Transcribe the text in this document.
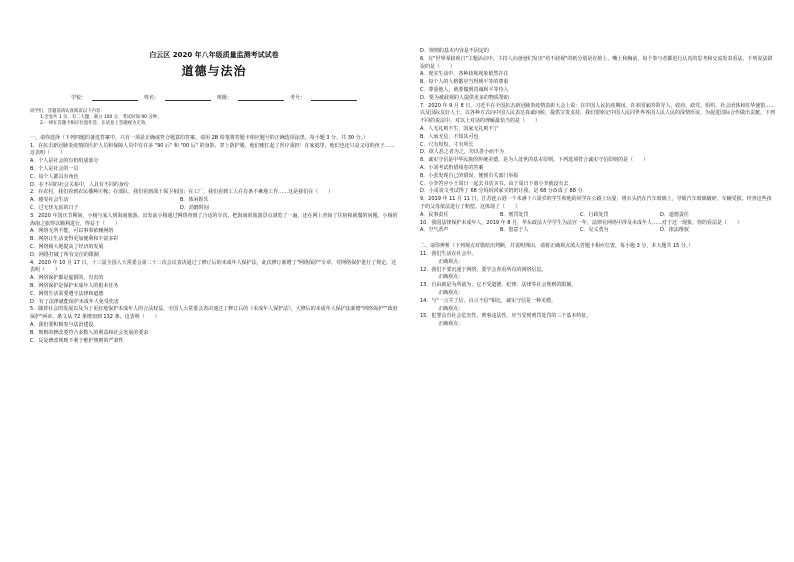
白云区 2020 年八年级质量监测考试试卷
道德与法治
学校：	姓名：	班级：	考号：
同学们，答题前请认真阅读以下内容：
1.全卷共 1 页，有二大题，满分 100 分，考试时间 90 分钟。
2.一律在答题卡相应位置作答，在试卷上答题视为无效。
一、请你选择（下列四题的备选答案中，只有一项是正确或符合题意的答案。请用 2B 铅笔将答题卡相应题号的正确选项涂黑。每小题 3 分，共 30 分。）
1．在抗击新冠肺炎疫情的医护人员和保障人员中有许多 "90 后" 和 "00 后" 的身影，穿上防护服，他们便扛起了医疗重担！在家庭里，他们也还只是父母的孩子……这表明（　　）
A．个人是社会的有机组成部分
B．个人是社会的一员
C．每个人都具有角色
D．在不同的社会关系中，人具有不同的身份
2．在农村，我们看到农民播种庄稼；在部队，我们看到战士保卫祖国；在工厂，我们看到工人在有条不紊地工作……这是我们在（　　）
A．感受社会生活	B．体闲娱乐
C．过无忧无虑的日子	D．消磨时间
3．2020 年国庆节期间，小杨与家人到海南旅游。出发前小杨通过网络查到了合适的车次，把海南的旅游景点浏览了一遍，还在网上查询了住宿和就餐的问题。小杨的海南之旅得以顺利进行，得益于（　　）
A．网络无所不能，可以事事依赖网络
B．网络让生活变得更加便利和丰富多彩
C．网络极大地提高了经济的发展
D．网络打破了所有交往的限制
4．2020 年 10 月 17 日，十三届全国人大常委会第二十二次会议表决通过了修订后的未成年人保护法，此次修订新增了"网络保护"专章，对网络保护进行了规定。这表明（　　）
A．网络保护都是虚假的、有害的
B．网络保护是保护未成年人的根本任务
C．网络生活需要遵守法律和道德
D．有了法律就能保护未成年人免受伤害
5．随着社会的发展以及为了更好地保护未成年人的合法权益，全国人大常委会表决通过了修订后的《未成年人保护法》，大修后的未成年人保护法新增"网络保护""政府保护"两章，条文从 72 条增加到 132 条，这表明（　　）
A．我们要积极参与法治建设
B．规则的修改要符合多数人的利益和社会发展的要求
C．反复修改规则不利于维护规则的严肃性
D．规则的基本内容是不固定的
6．在"世界零歧视日"主题活动中，主持人向爸爸们发出"培不歧视"的纸分别是在脸上、嘴上和胸前，每个参与者都进行认真的思考和交流发表看法，下列说法错误的是（　　）
A．现实生活中，各种歧视现象依然存在
B．每个人的人格都应当得到平等的尊重
C．尊重他人，就要做到真诚和平等待人
D．要为被歧视的人提供更多的物质帮助
7．2020 年 9 月 8 日，习近平在全国抗击新冠肺炎疫情表彰大会上说：在中国人民抗疫期间，许多国家的领导人、政府、政党、组织、社会团体和驻华使馆……以及国际友好人士，以各种方式向中国人民表达真诚问候、提供宝贵支持，我们要铭记中国人民同世界各国人民人民的深情厚谊，为促进国际合作做出贡献。下列不同的说法中，对以上对话的理解最恰当的是（　　）
A．人无礼则不生，国家无礼则不宁
B．人而无信，不知其可也
C．尺有短短，寸有所长
D．欲人恶之者为之，勿以善小而不为
8．诚实守信是中华民族的传统美德，是为人处世的基本原则。下列选项符合诚实守信原则的是（　　）
A．小刘考试扔错阅卷的答案
B．小张发现自己的错误，便到有关部门举报
C．小李答应小王周日一起去书店买书，由于周日下雨小李就没有去
D．小哥说文考试得了 68 分妈妈回家买奶奶让我，是 68 分改成了 88 分
9．2019 年 11 月 11 日，江苏连云港一个未满十六周岁的学生和他的同学在公路上玩耍，将石头扔在汽车玻璃上，导致汽车玻璃破碎，车辆受损。经查这些孩子的父母依法进行了赔偿。这体现了（　　）
A．民事责任	B．刑罚处罚	C．行政处罚	D．道德责任
10．我国法律保护未成年人，2019 年 8 月，华东政法大学学生为法官一年，法律在网络中涉及未成年人……对于这一现象，你的看法是（　　）
A．空气香声	B．患意于人	C．见义勇为	D．依法维权
二、请你辨析（下列观点对错给出判断，并说明理由，请将正确观点填入答题卡相应位置，每小题 3 分，本大题共 15 分。）
11．我们生活在社会中。
正确观点：
12．我们不要沉迷于网络，要学会查看所有的网络信息。
正确观点：
13．自由就是为所欲为，它不受道德、纪律、法律等社会规则的限制。
正确观点：
14．与"一言失了信，百言不信"相比，诚实守信是一种美德。
正确观点：
15．犯罪具有社会危害性、刑事违法性、应当受到刑罚处罚的三个基本特征。
正确观点：
